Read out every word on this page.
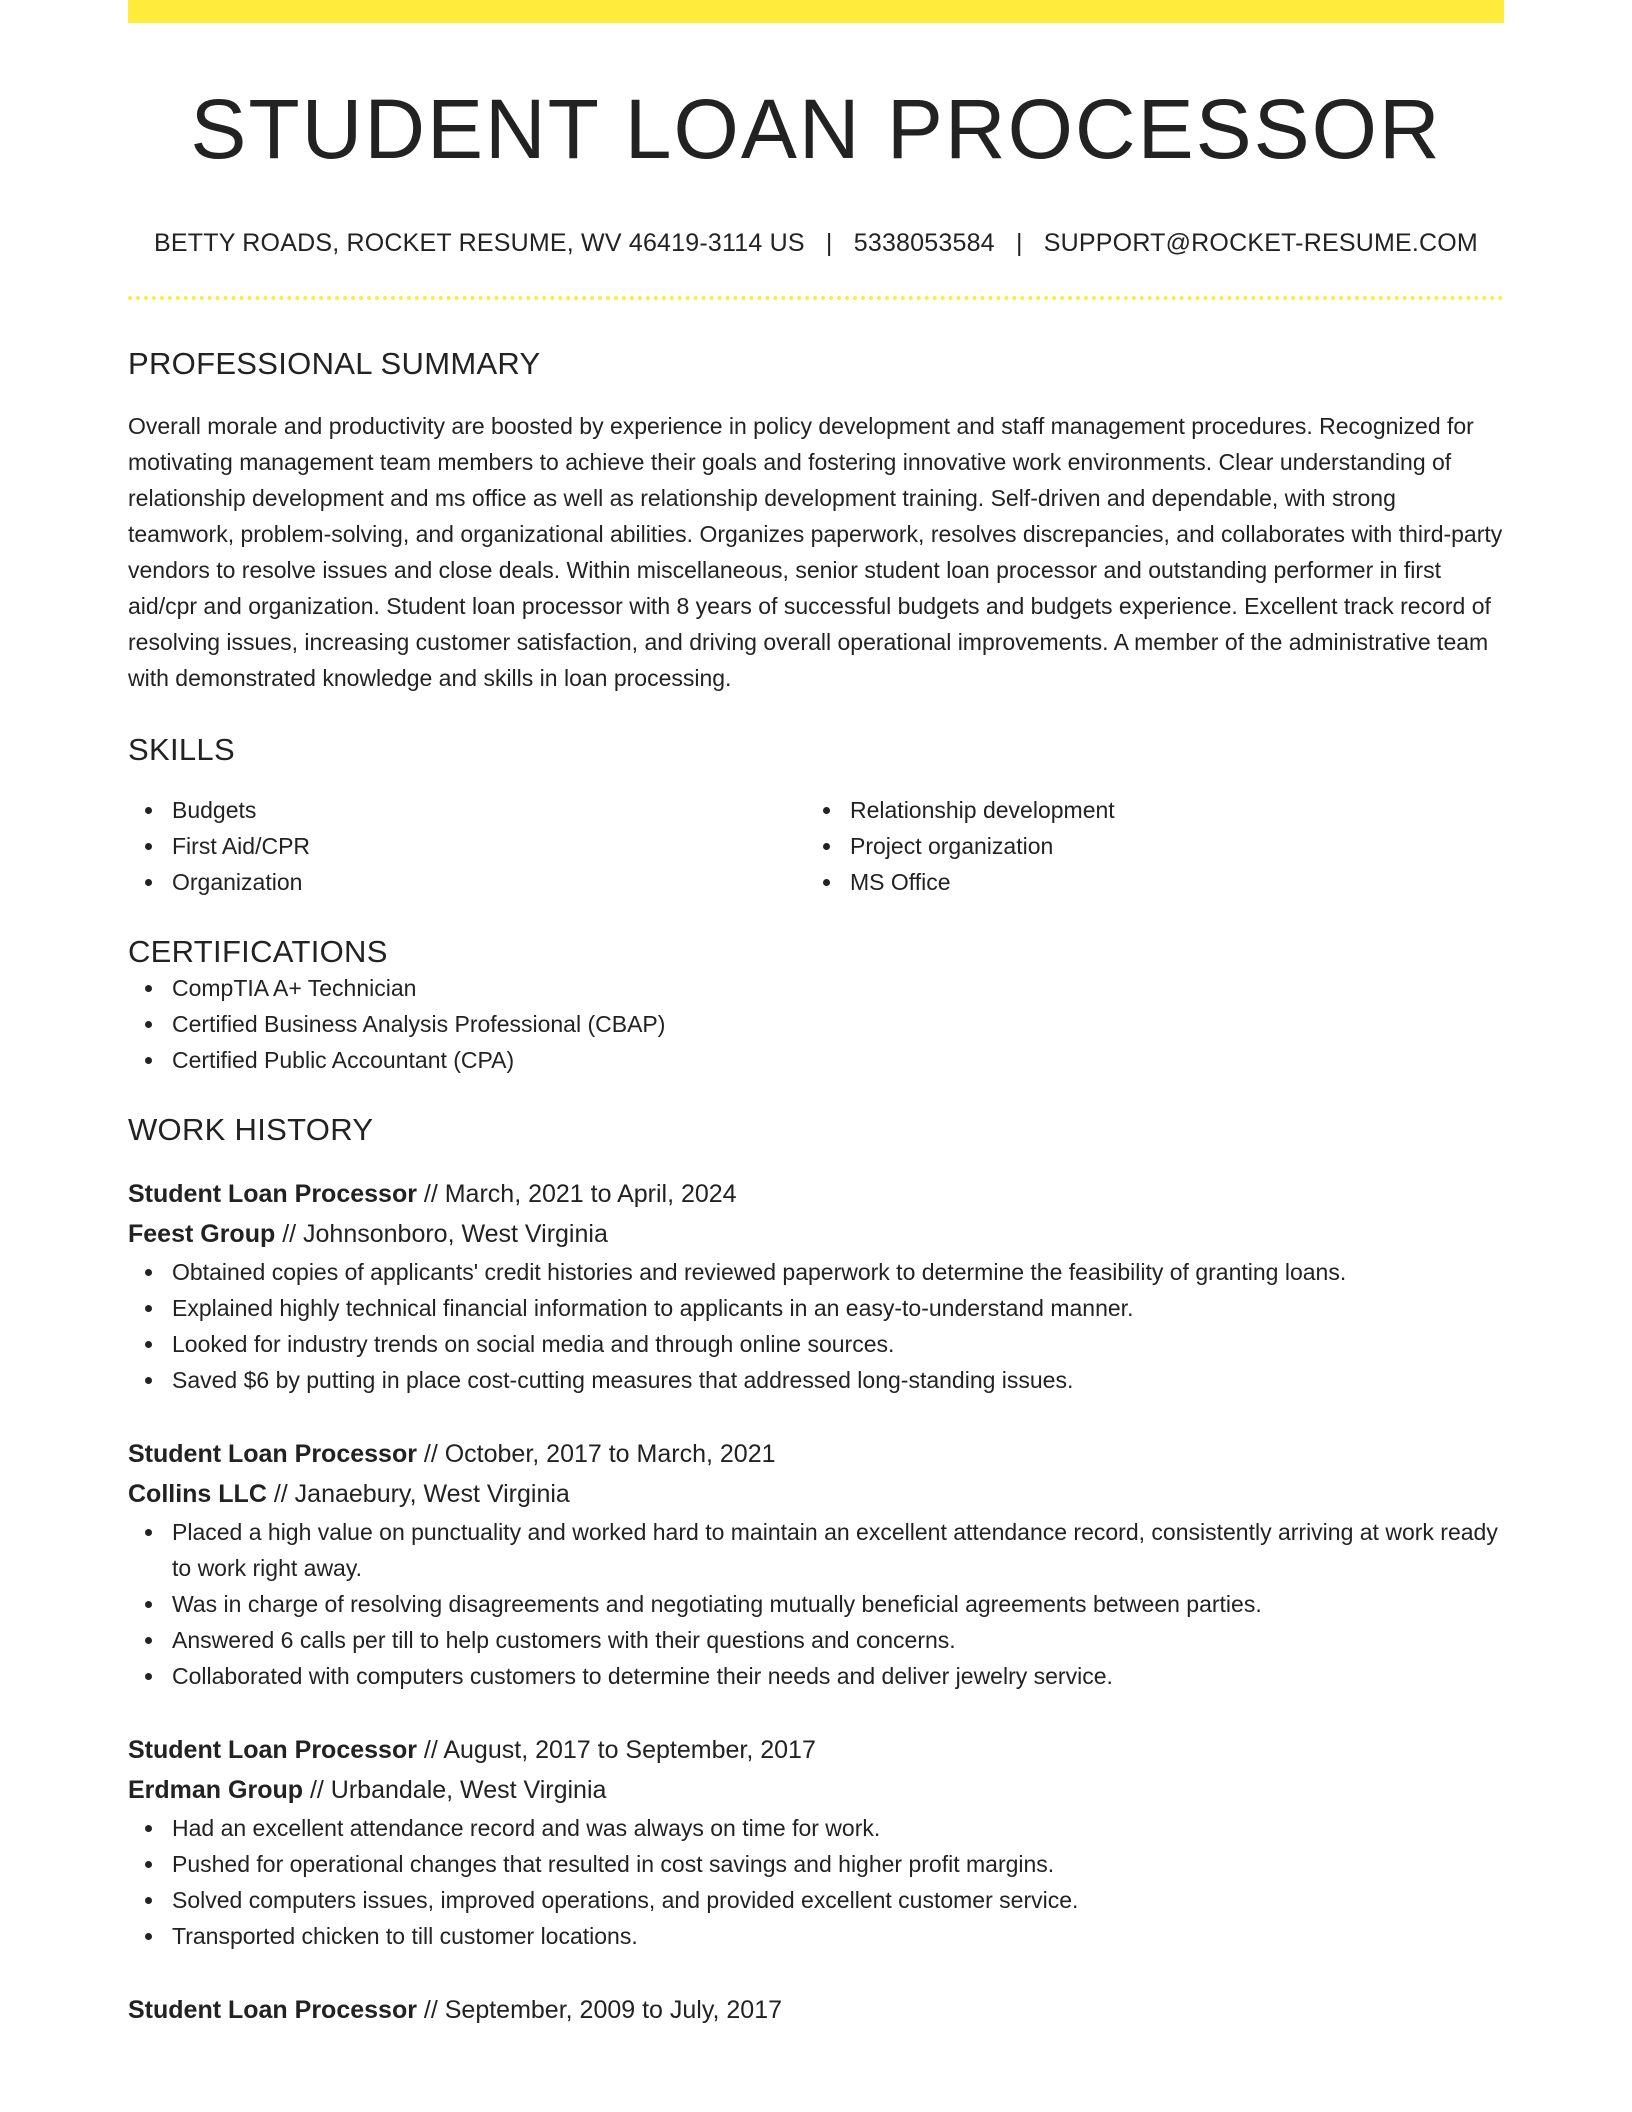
STUDENT LOAN PROCESSOR
BETTY ROADS, ROCKET RESUME, WV 46419-3114 US | 5338053584 | SUPPORT@ROCKET-RESUME.COM
PROFESSIONAL SUMMARY
Overall morale and productivity are boosted by experience in policy development and staff management procedures. Recognized for motivating management team members to achieve their goals and fostering innovative work environments. Clear understanding of relationship development and ms office as well as relationship development training. Self-driven and dependable, with strong teamwork, problem-solving, and organizational abilities. Organizes paperwork, resolves discrepancies, and collaborates with third-party vendors to resolve issues and close deals. Within miscellaneous, senior student loan processor and outstanding performer in first aid/cpr and organization. Student loan processor with 8 years of successful budgets and budgets experience. Excellent track record of resolving issues, increasing customer satisfaction, and driving overall operational improvements. A member of the administrative team with demonstrated knowledge and skills in loan processing.
SKILLS
Budgets
First Aid/CPR
Organization
Relationship development
Project organization
MS Office
CERTIFICATIONS
CompTIA A+ Technician
Certified Business Analysis Professional (CBAP)
Certified Public Accountant (CPA)
WORK HISTORY
Student Loan Processor // March, 2021 to April, 2024
Feest Group // Johnsonboro, West Virginia
Obtained copies of applicants' credit histories and reviewed paperwork to determine the feasibility of granting loans.
Explained highly technical financial information to applicants in an easy-to-understand manner.
Looked for industry trends on social media and through online sources.
Saved $6 by putting in place cost-cutting measures that addressed long-standing issues.
Student Loan Processor // October, 2017 to March, 2021
Collins LLC // Janaebury, West Virginia
Placed a high value on punctuality and worked hard to maintain an excellent attendance record, consistently arriving at work ready to work right away.
Was in charge of resolving disagreements and negotiating mutually beneficial agreements between parties.
Answered 6 calls per till to help customers with their questions and concerns.
Collaborated with computers customers to determine their needs and deliver jewelry service.
Student Loan Processor // August, 2017 to September, 2017
Erdman Group // Urbandale, West Virginia
Had an excellent attendance record and was always on time for work.
Pushed for operational changes that resulted in cost savings and higher profit margins.
Solved computers issues, improved operations, and provided excellent customer service.
Transported chicken to till customer locations.
Student Loan Processor // September, 2009 to July, 2017
